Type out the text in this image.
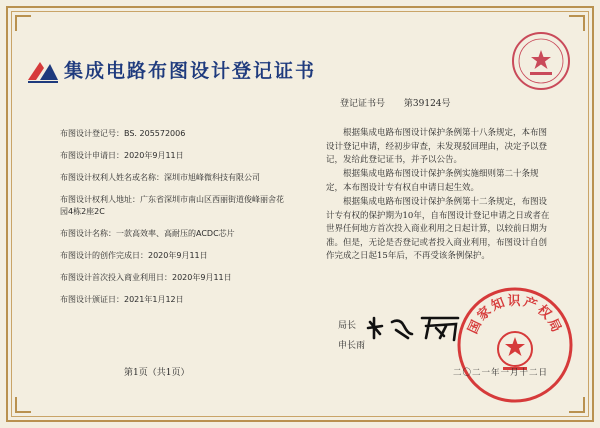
集成电路布图设计登记证书
登记证书号 第39124号
布图设计登记号： BS. 205572006
布图设计申请日： 2020年9月11日
布图设计权利人姓名或名称：深圳市旭峰微科技有限公司
布图设计权利人地址：广东省深圳市南山区西丽街道俊峰丽舍花园4栋2座2C
布图设计名称： 一款高效率、高耐压的ACDC芯片
布图设计的创作完成日： 2020年9月11日
布图设计首次投入商业利用日： 2020年9月11日
布图设计颁证日： 2021年1月12日

根据集成电路布图设计保护条例第十八条规定，本布图设计登记申请，经初步审查，未发现驳回理由，决定予以登记，发给此登记证书，并予以公告。

根据集成电路布图设计保护条例实施细则第二十条规定，本布图设计专有权自申请日起生效。

根据集成电路布图设计保护条例第十二条规定，布图设计专有权的保护期为10年，自布图设计登记申请之日或者在世界任何地方首次投入商业利用之日起计算，以较前日期为准。但是，无论是否登记或者投入商业利用，布图设计自创作完成之日起15年后，不再受该条例保护。

局长
申长雨
国家知识产权局
第1页（共1页）	二〇二一年一月十二日
